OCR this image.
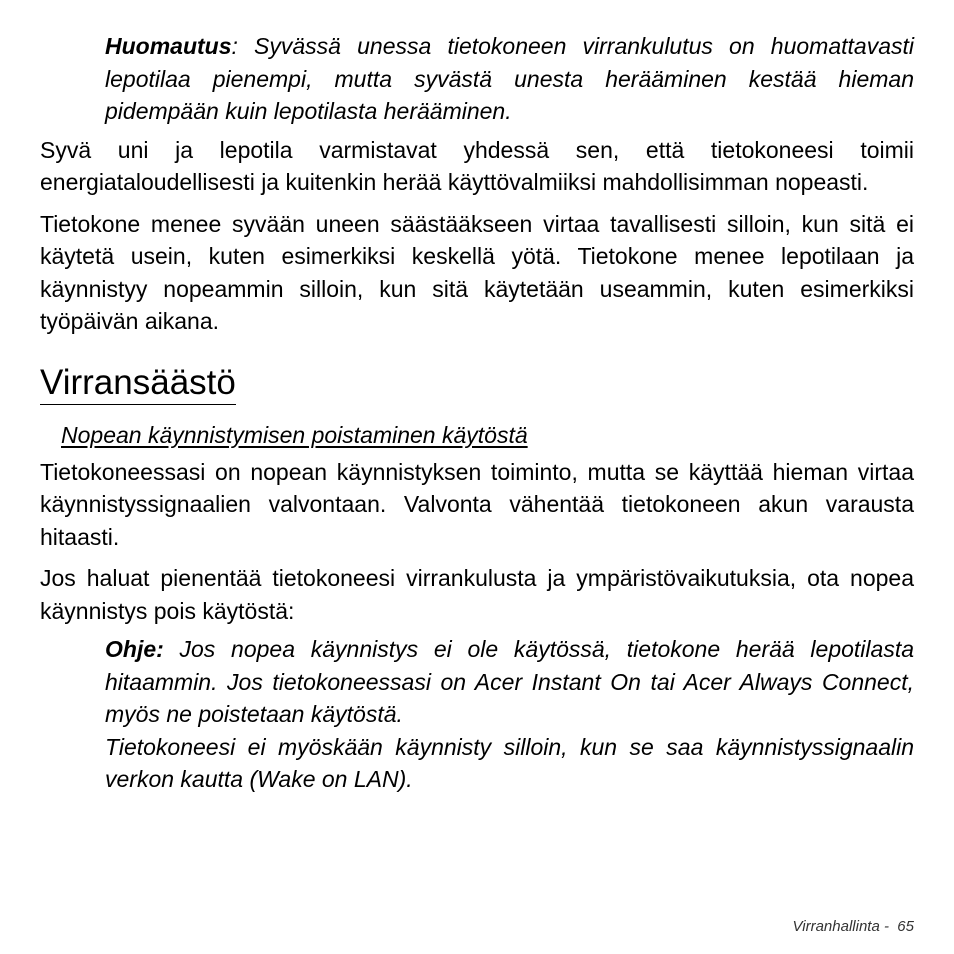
Huomautus: Syvässä unessa tietokoneen virrankulutus on huomattavasti lepotilaa pienempi, mutta syvästä unesta herääminen kestää hieman pidempään kuin lepotilasta herääminen.

Syvä uni ja lepotila varmistavat yhdessä sen, että tietokoneesi toimii energiataloudellisesti ja kuitenkin herää käyttövalmiiksi mahdollisimman nopeasti.

Tietokone menee syvään uneen säästääkseen virtaa tavallisesti silloin, kun sitä ei käytetä usein, kuten esimerkiksi keskellä yötä. Tietokone menee lepotilaan ja käynnistyy nopeammin silloin, kun sitä käytetään useammin, kuten esimerkiksi työpäivän aikana.

Virransäästö
Nopean käynnistymisen poistaminen käytöstä

Tietokoneessasi on nopean käynnistyksen toiminto, mutta se käyttää hieman virtaa käynnistyssignaalien valvontaan. Valvonta vähentää tietokoneen akun varausta hitaasti.

Jos haluat pienentää tietokoneesi virrankulusta ja ympäristövaikutuksia, ota nopea käynnistys pois käytöstä:

Ohje: Jos nopea käynnistys ei ole käytössä, tietokone herää lepotilasta hitaammin. Jos tietokoneessasi on Acer Instant On tai Acer Always Connect, myös ne poistetaan käytöstä.

Tietokoneesi ei myöskään käynnisty silloin, kun se saa käynnistyssignaalin verkon kautta (Wake on LAN).

Virranhallinta -  65
